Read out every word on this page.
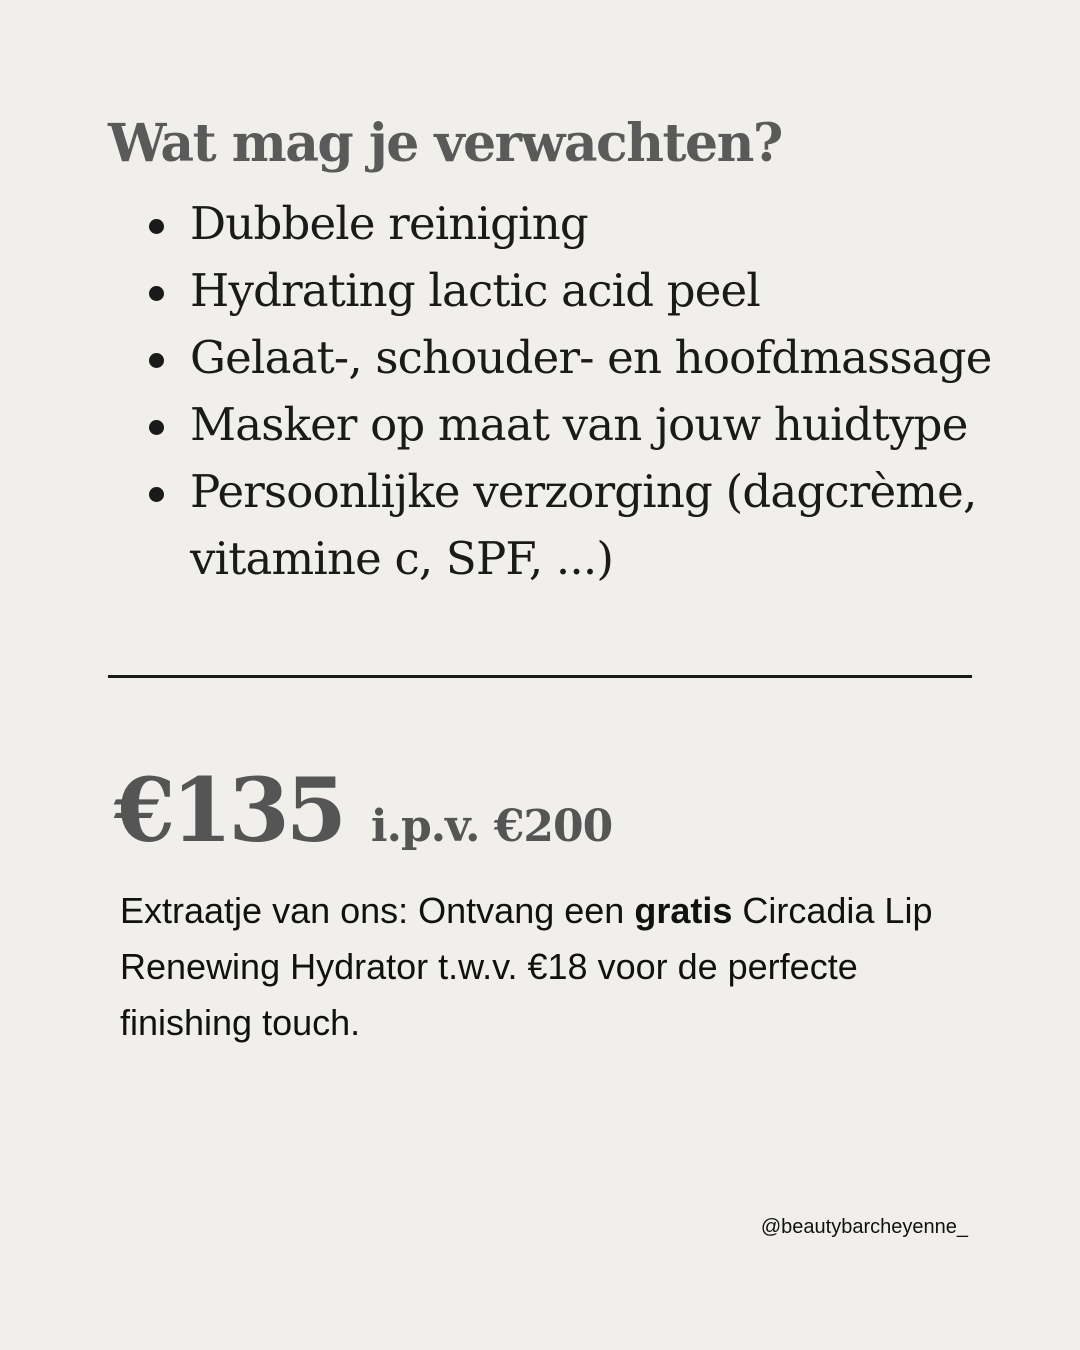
Wat mag je verwachten?
Dubbele reiniging
Hydrating lactic acid peel
Gelaat-, schouder- en hoofdmassage
Masker op maat van jouw huidtype
Persoonlijke verzorging (dagcrème, vitamine c, SPF, ...)
€135 i.p.v. €200

Extraatje van ons: Ontvang een gratis Circadia Lip Renewing Hydrator t.w.v. €18 voor de perfecte finishing touch.

@beautybarcheyenne_
